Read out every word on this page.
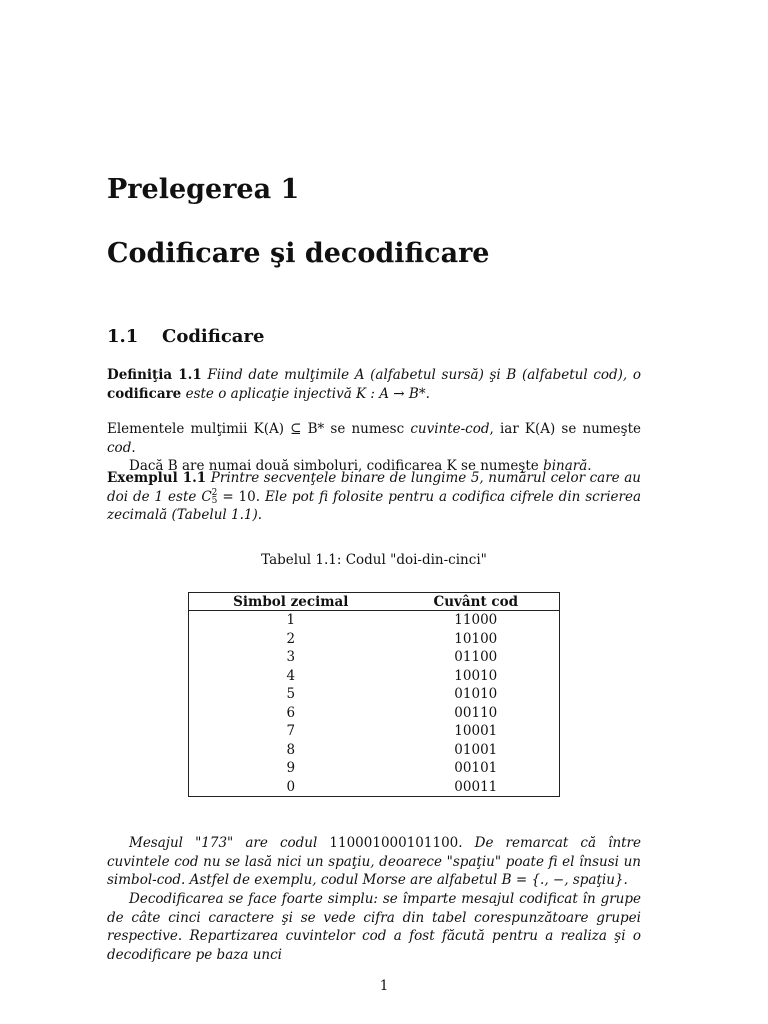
Prelegerea 1
Codificare şi decodificare
1.1 Codificare
Definiţia 1.1 Fiind date mulţimile A (alfabetul sursă) şi B (alfabetul cod), o codificare este o aplicaţie injectivă K : A → B*.
Elementele mulţimii K(A) ⊆ B* se numesc cuvinte-cod, iar K(A) se numeşte cod.
Dacă B are numai două simboluri, codificarea K se numeşte binară.
Exemplul 1.1 Printre secvenţele binare de lungime 5, numărul celor care au doi de 1 este C 2
5 = 10. Ele pot fi folosite pentru a codifica cifrele din scrierea zecimală (Tabelul 1.1).
Tabelul 1.1: Codul "doi-din-cinci"
Simbol zecimal	Cuvânt cod
1	11000
2	10100
3	01100
4	10010
5	01010
6	00110
7	10001
8	01001
9	00101
0	00011
Mesajul "173" are codul 110001000101100. De remarcat că între cuvintele cod nu se lasă nici un spaţiu, deoarece "spaţiu" poate fi el însusi un simbol-cod. Astfel de exemplu, codul Morse are alfabetul B = {., −, spaţiu}.
Decodificarea se face foarte simplu: se împarte mesajul codificat în grupe de câte cinci caractere şi se vede cifra din tabel corespunzătoare grupei respective. Repartizarea cuvintelor cod a fost făcută pentru a realiza şi o decodificare pe baza unci
1
